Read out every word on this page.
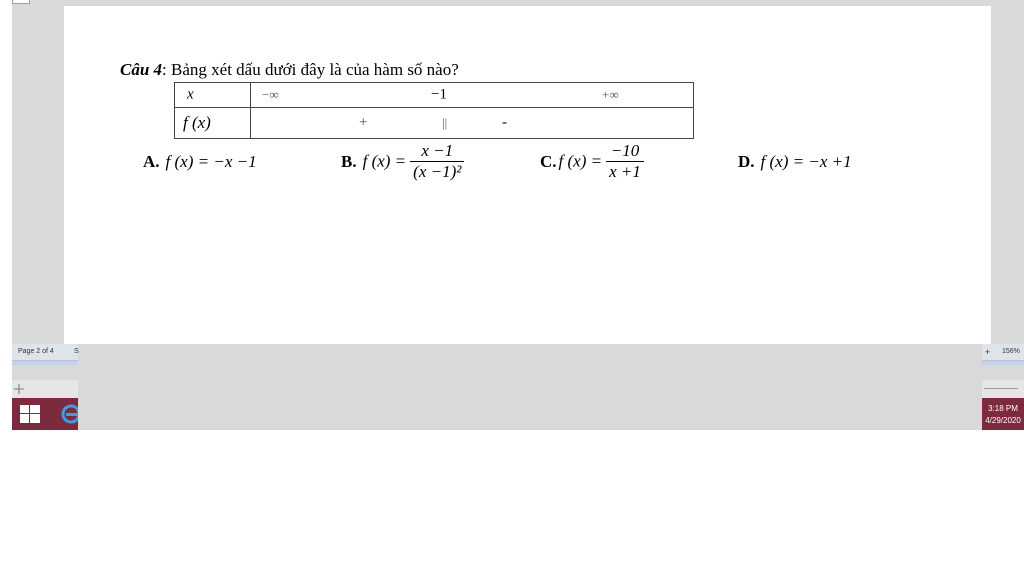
Page 2 of 4	S	+ 156%
3:18 PM
4/29/2020
Câu 4: Bảng xét dấu dưới đây là của hàm số nào?
x	−∞ −1 +∞

f (x)	+ || -
A. f (x) = −x −1	B. f $(x) = \frac{x -1}{\text{(x −1)²}}$	C. f $(x) = \frac{-10}{x +1}$	D. f (x) = −x +1
